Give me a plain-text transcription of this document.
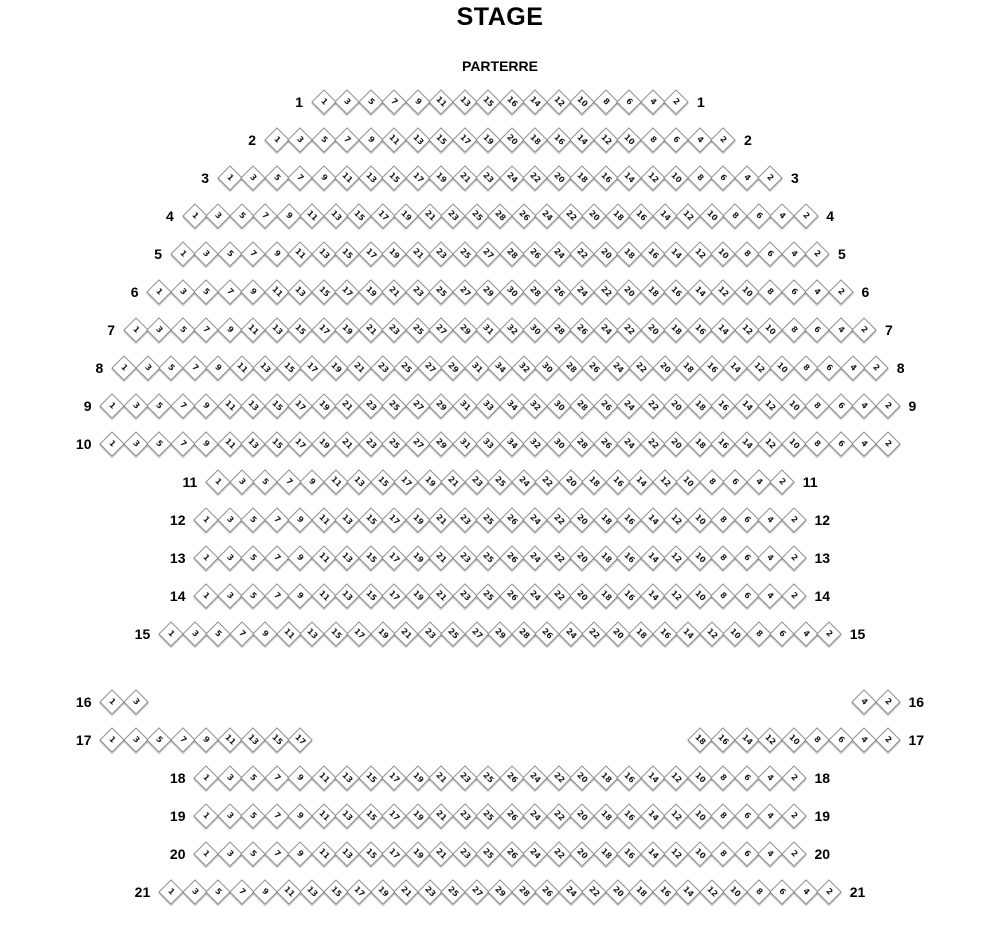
STAGE
PARTERRE
1 1 3 5 7 9 11 13 15 16 14 12 10 8 6 4 2 1
2 1 3 5 7 9 11 13 15 17 19 20 18 16 14 12 10 8 6 4 2 2
3 1 3 5 7 9 11 13 15 17 19 21 23 24 22 20 18 16 14 12 10 8 6 4 2 3
4 1 3 5 7 9 11 13 15 17 19 21 23 25 28 26 24 22 20 18 16 14 12 10 8 6 4 2 4
5 1 3 5 7 9 11 13 15 17 19 21 23 25 27 28 26 24 22 20 18 16 14 12 10 8 6 4 2 5
6 1 3 5 7 9 11 13 15 17 19 21 23 25 27 29 30 28 26 24 22 20 18 16 14 12 10 8 6 4 2 6
7 1 3 5 7 9 11 13 15 17 19 21 23 25 27 29 31 32 30 28 26 24 22 20 18 16 14 12 10 8 6 4 2 7
8 1 3 5 7 9 11 13 15 17 19 21 23 25 27 29 31 34 32 30 28 26 24 22 20 18 16 14 12 10 8 6 4 2 8
9 1 3 5 7 9 11 13 15 17 19 21 23 25 27 29 31 33 34 32 30 28 26 24 22 20 18 16 14 12 10 8 6 4 2 9
10 1 3 5 7 9 11 13 15 17 19 21 23 25 27 29 31 33 34 32 30 28 26 24 22 20 18 16 14 12 10 8 6 4 2
11 1 3 5 7 9 11 13 15 17 19 21 23 25 24 22 20 18 16 14 12 10 8 6 4 2 11
12 1 3 5 7 9 11 13 15 17 19 21 23 25 26 24 22 20 18 16 14 12 10 8 6 4 2 12
13 1 3 5 7 9 11 13 15 17 19 21 23 25 26 24 22 20 18 16 14 12 10 8 6 4 2 13
14 1 3 5 7 9 11 13 15 17 19 21 23 25 26 24 22 20 18 16 14 12 10 8 6 4 2 14
15 1 3 5 7 9 11 13 15 17 19 21 23 25 27 29 28 26 24 22 20 18 16 14 12 10 8 6 4 2 15
16 1 3	4 2 16
17 1 3 5 7 9 11 13 15 17	18 16 14 12 10 8 6 4 2 17
18 1 3 5 7 9 11 13 15 17 19 21 23 25 26 24 22 20 18 16 14 12 10 8 6 4 2 18
19 1 3 5 7 9 11 13 15 17 19 21 23 25 26 24 22 20 18 16 14 12 10 8 6 4 2 19
20 1 3 5 7 9 11 13 15 17 19 21 23 25 26 24 22 20 18 16 14 12 10 8 6 4 2 20
21 1 3 5 7 9 11 13 15 17 19 21 23 25 27 29 28 26 24 22 20 18 16 14 12 10 8 6 4 2 21
